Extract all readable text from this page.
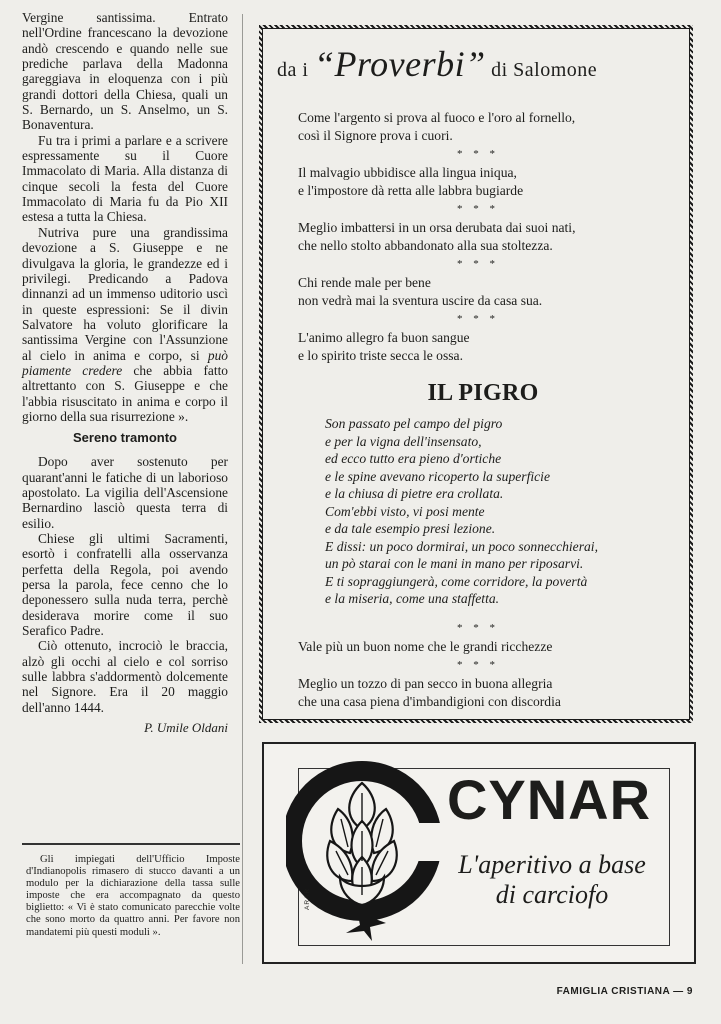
Vergine santissima. Entrato nell'Ordine francescano la devozione andò crescendo e quando nelle sue prediche parlava della Madonna gareggiava in eloquenza con i più grandi dottori della Chiesa, quali un S. Bernardo, un S. Anselmo, un S. Bonaventura.

Fu tra i primi a parlare e a scrivere espressamente su il Cuore Immacolato di Maria. Alla distanza di cinque secoli la festa del Cuore Immacolato di Maria fu da Pio XII estesa a tutta la Chiesa.

Nutriva pure una grandissima devozione a S. Giuseppe e ne divulgava la gloria, le grandezze ed i privilegi. Predicando a Padova dinnanzi ad un immenso uditorio uscì in queste espressioni: Se il divin Salvatore ha voluto glorificare la santissima Vergine con l'Assunzione al cielo in anima e corpo, si può piamente credere che abbia fatto altrettanto con S. Giuseppe e che l'abbia risuscitato in anima e corpo il giorno della sua risurrezione ».

Sereno tramonto

Dopo aver sostenuto per quarant'anni le fatiche di un laborioso apostolato. La vigilia dell'Ascensione Bernardino lasciò questa terra di esilio.

Chiese gli ultimi Sacramenti, esortò i confratelli alla osservanza perfetta della Regola, poi avendo persa la parola, fece cenno che lo deponessero sulla nuda terra, perchè desiderava morire come il suo Serafico Padre.

Ciò ottenuto, incrociò le braccia, alzò gli occhi al cielo e col sorriso sulle labbra s'addormentò dolcemente nel Signore. Era il 20 maggio dell'anno 1444.

P. Umile Oldani

Gli impiegati dell'Ufficio Imposte d'Indianopolis rimasero di stucco davanti a un modulo per la dichiarazione della tassa sulle imposte che era accompagnato da questo biglietto: « Vi è stato comunicato parecchie volte che sono morto da quattro anni. Per favore non mandatemi più questi moduli ».

da i “Proverbi” di Salomone

Come l'argento si prova al fuoco e l'oro al fornello,

così il Signore prova i cuori.

* * *

Il malvagio ubbidisce alla lingua iniqua,

e l'impostore dà retta alle labbra bugiarde

* * *

Meglio imbattersi in un orsa derubata dai suoi nati,

che nello stolto abbandonato alla sua stoltezza.

* * *

Chi rende male per bene

non vedrà mai la sventura uscire da casa sua.

* * *

L'animo allegro fa buon sangue

e lo spirito triste secca le ossa.

IL PIGRO

Son passato pel campo del pigro

e per la vigna dell'insensato,

ed ecco tutto era pieno d'ortiche

e le spine avevano ricoperto la superficie

e la chiusa di pietre era crollata.

Com'ebbi visto, vi posi mente

e da tale esempio presi lezione.

E dissi: un poco dormirai, un poco sonnecchierai,

un pò starai con le mani in mano per riposarvi.

E ti sopraggiungerà, come corridore, la povertà

e la miseria, come una staffetta.

* * *

Vale più un buon nome che le grandi ricchezze

* * *

Meglio un tozzo di pan secco in buona allegria

che una casa piena d'imbandigioni con discordia

ARAR
CYNAR
L'aperitivo a base
di carciofo
FAMIGLIA CRISTIANA — 9
